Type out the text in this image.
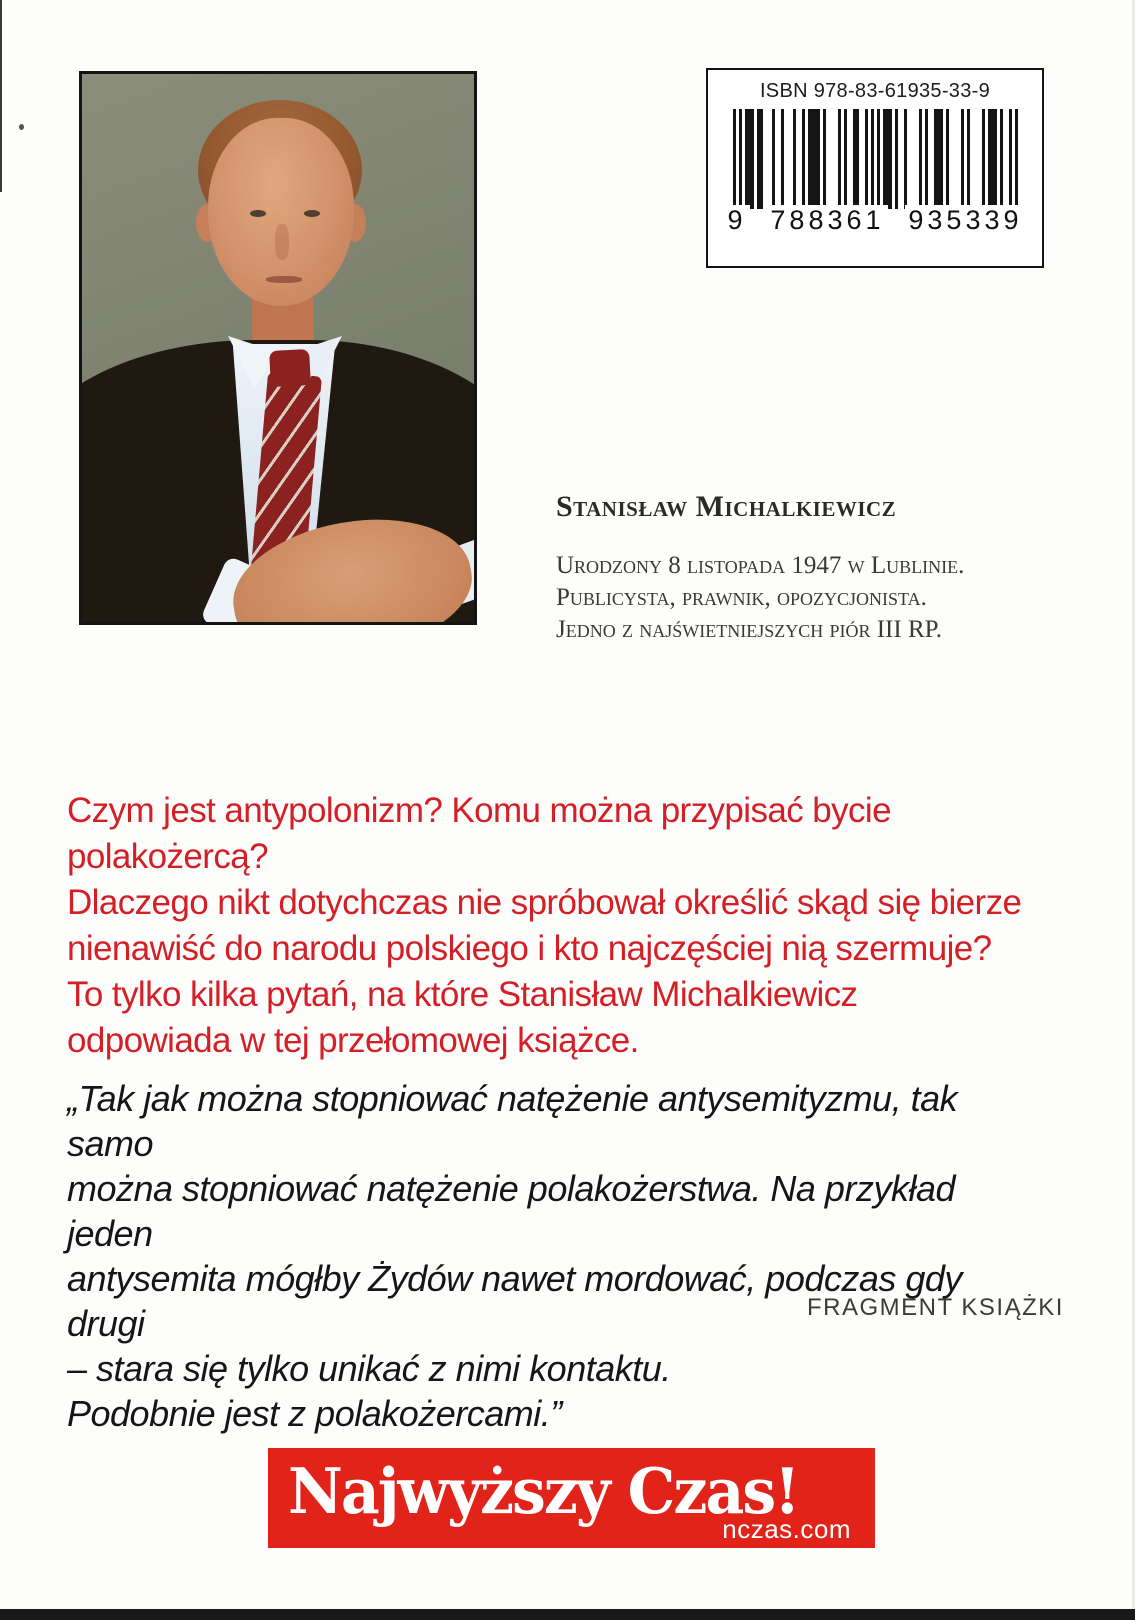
ISBN 978-83-61935-33-9
9 788361 935339
Stanisław Michalkiewicz
Urodzony 8 listopada 1947 w Lublinie.
Publicysta, prawnik, opozycjonista.
Jedno z najświetniejszych piór III RP.
Czym jest antypolonizm? Komu można przypisać bycie polakożercą?
Dlaczego nikt dotychczas nie spróbował określić skąd się bierze
nienawiść do narodu polskiego i kto najczęściej nią szermuje?
To tylko kilka pytań, na które Stanisław Michalkiewicz
odpowiada w tej przełomowej książce.
„Tak jak można stopniować natężenie antysemityzmu, tak samo
można stopniować natężenie polakożerstwa. Na przykład jeden
antysemita mógłby Żydów nawet mordować, podczas gdy drugi
– stara się tylko unikać z nimi kontaktu.
Podobnie jest z polakożercami.”
FRAGMENT KSIĄŻKI
Najwyższy Czas!
nczas.com
